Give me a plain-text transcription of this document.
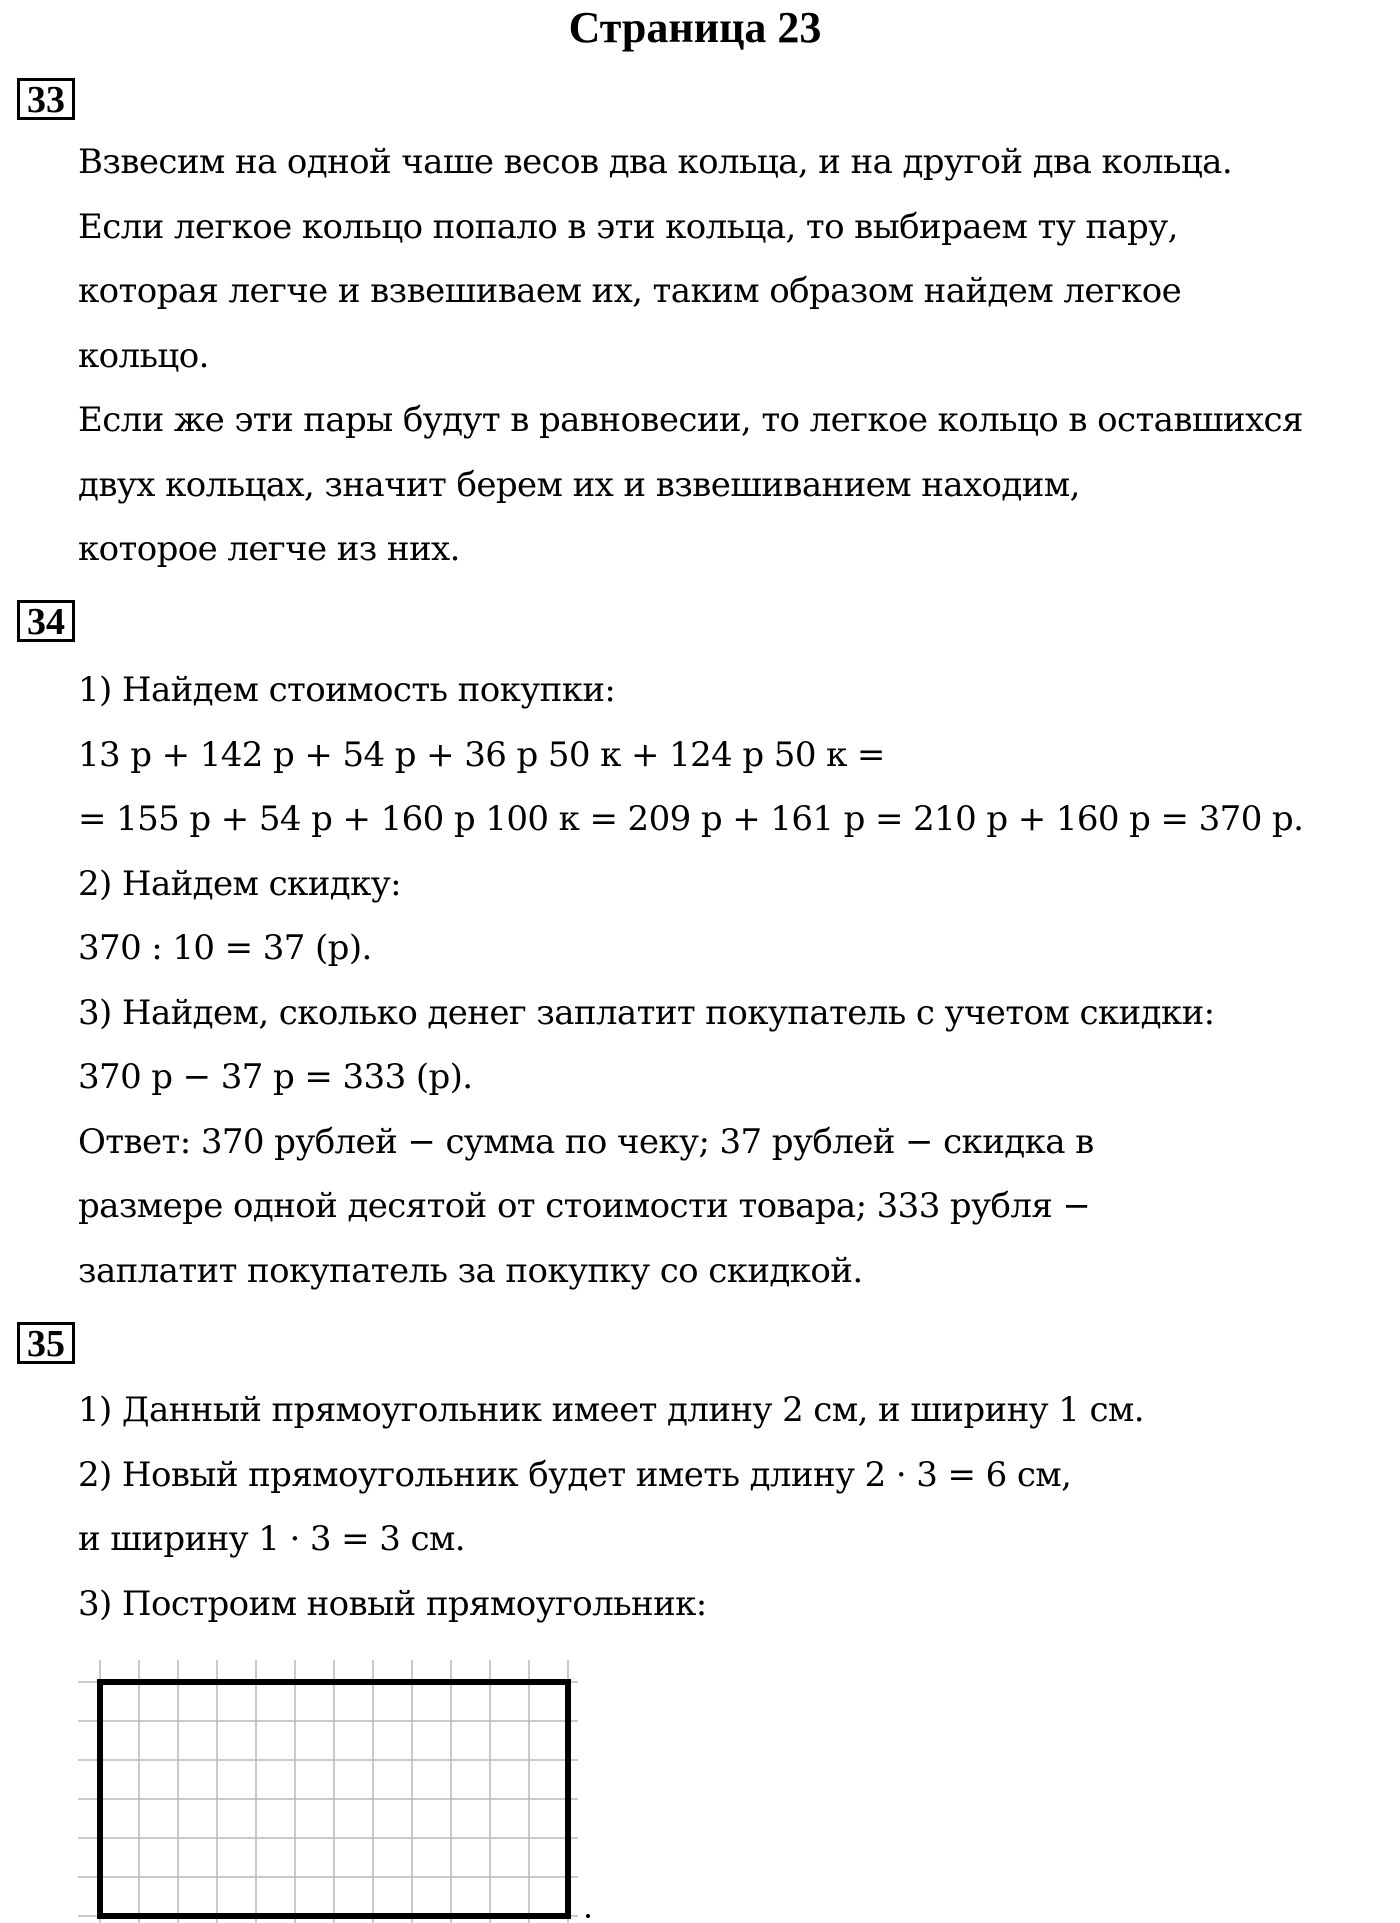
Страница 23
33
Взвесим на одной чаше весов два кольца, и на другой два кольца.
Если легкое кольцо попало в эти кольца, то выбираем ту пару,
которая легче и взвешиваем их, таким образом найдем легкое
кольцо.
Если же эти пары будут в равновесии, то легкое кольцо в оставшихся
двух кольцах, значит берем их и взвешиванием находим,
которое легче из них.
34
1) Найдем стоимость покупки:
13 р + 142 р + 54 р + 36 р 50 к + 124 р 50 к =
= 155 р + 54 р + 160 р 100 к = 209 р + 161 р = 210 р + 160 р = 370 р.
2) Найдем скидку:
370 : 10 = 37 (р).
3) Найдем, сколько денег заплатит покупатель с учетом скидки:
370 р − 37 р = 333 (р).
Ответ: 370 рублей − сумма по чеку; 37 рублей − скидка в
размере одной десятой от стоимости товара; 333 рубля −
заплатит покупатель за покупку со скидкой.
35
1) Данный прямоугольник имеет длину 2 см, и ширину 1 см.
2) Новый прямоугольник будет иметь длину 2 · 3 = 6 см,
и ширину 1 · 3 = 3 см.
3) Построим новый прямоугольник:
